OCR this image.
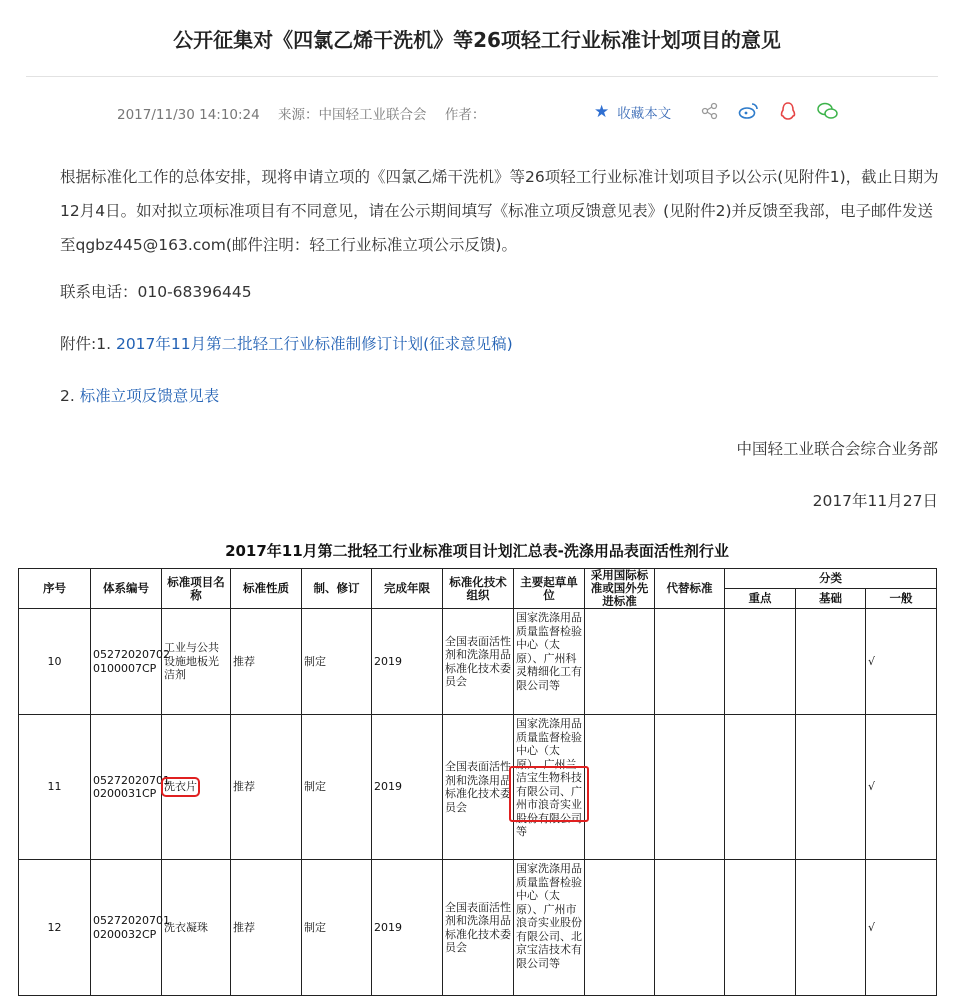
公开征集对《四氯乙烯干洗机》等26项轻工行业标准计划项目的意见
2017/11/30 14:10:24 来源：中国轻工业联合会 作者：	★ 收藏本文
根据标准化工作的总体安排，现将申请立项的《四氯乙烯干洗机》等26项轻工行业标准计划项目予以公示(见附件1)，截止日期为12月4日。如对拟立项标准项目有不同意见，请在公示期间填写《标准立项反馈意见表》(见附件2)并反馈至我部，电子邮件发送至qgbz445@163.com(邮件注明：轻工行业标准立项公示反馈)。
联系电话：010-68396445
附件:1. 2017年11月第二批轻工行业标准制修订计划(征求意见稿)
2. 标准立项反馈意见表
中国轻工业联合会综合业务部
2017年11月27日
2017年11月第二批轻工行业标准项目计划汇总表-洗涤用品表面活性剂行业
序号	体系编号	标准项目名称	标准性质	制、修订	完成年限	标准化技术组织	主要起草单位	采用国际标准或国外先进标准	代替标准	分类		
										重点	基础	一般
10	05272020702 0100007CP	工业与公共设施地板光洁剂	推荐	制定	2019	全国表面活性剂和洗涤用品标准化技术委员会	国家洗涤用品质量监督检验中心（太原）、广州科灵精细化工有限公司等					√
11	05272020701 0200031CP	洗衣片	推荐	制定	2019	全国表面活性剂和洗涤用品标准化技术委员会	国家洗涤用品质量监督检验中心（太原）、广州兰洁宝生物科技有限公司、广州市浪奇实业股份有限公司等					√
12	05272020701 0200032CP	洗衣凝珠	推荐	制定	2019	全国表面活性剂和洗涤用品标准化技术委员会	国家洗涤用品质量监督检验中心（太原）、广州市浪奇实业股份有限公司、北京宝洁技术有限公司等					√
